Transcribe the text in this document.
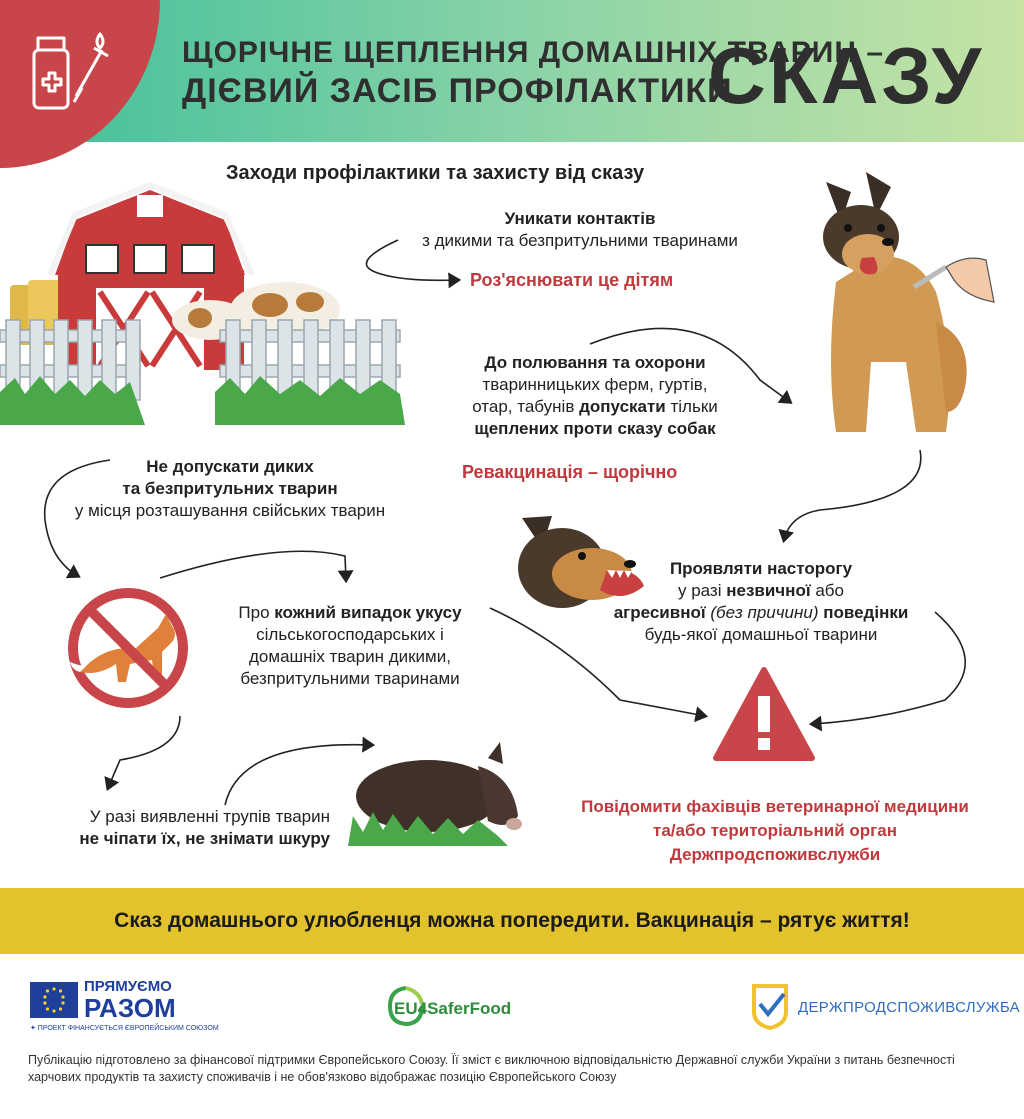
ЩОРІЧНЕ ЩЕПЛЕННЯ ДОМАШНІХ ТВАРИН –
ДІЄВИЙ ЗАСІБ ПРОФІЛАКТИКИ
СКАЗУ
Заходи профілактики та захисту від сказу
Уникати контактів
з дикими та безпритульними тваринами
Роз'яснювати це дітям
До полювання та охорони
тваринницьких ферм, гуртів,
отар, табунів допускати тільки
щеплених проти сказу собак
Ревакцинація – щорічно
Не допускати диких
та безпритульних тварин
у місця розташування свійських тварин
Проявляти насторогу
у разі незвичної або
агресивної (без причини) поведінки
будь-якої домашньої тварини
Про кожний випадок укусу
сільськогосподарських і
домашніх тварин дикими,
безпритульними тваринами
У разі виявленні трупів тварин
не чіпати їх, не знімати шкуру
Повідомити фахівців ветеринарної медицини
та/або територіальний орган
Держпродспоживслужби
Сказ домашнього улюбленця можна попередити. Вакцинація – рятує життя!
ПРЯМУЄМО
РАЗОМ
✦ ПРОЕКТ ФІНАНСУЄТЬСЯ ЄВРОПЕЙСЬКИМ СОЮЗОМ
EU4SaferFood	ДЕРЖПРОДСПОЖИВСЛУЖБА
Публікацію підготовлено за фінансової підтримки Європейського Союзу. Її зміст є виключною відповідальністю Державної служби України з питань безпечності харчових продуктів та захисту споживачів і не обов'язково відображає позицію Європейського Союзу
